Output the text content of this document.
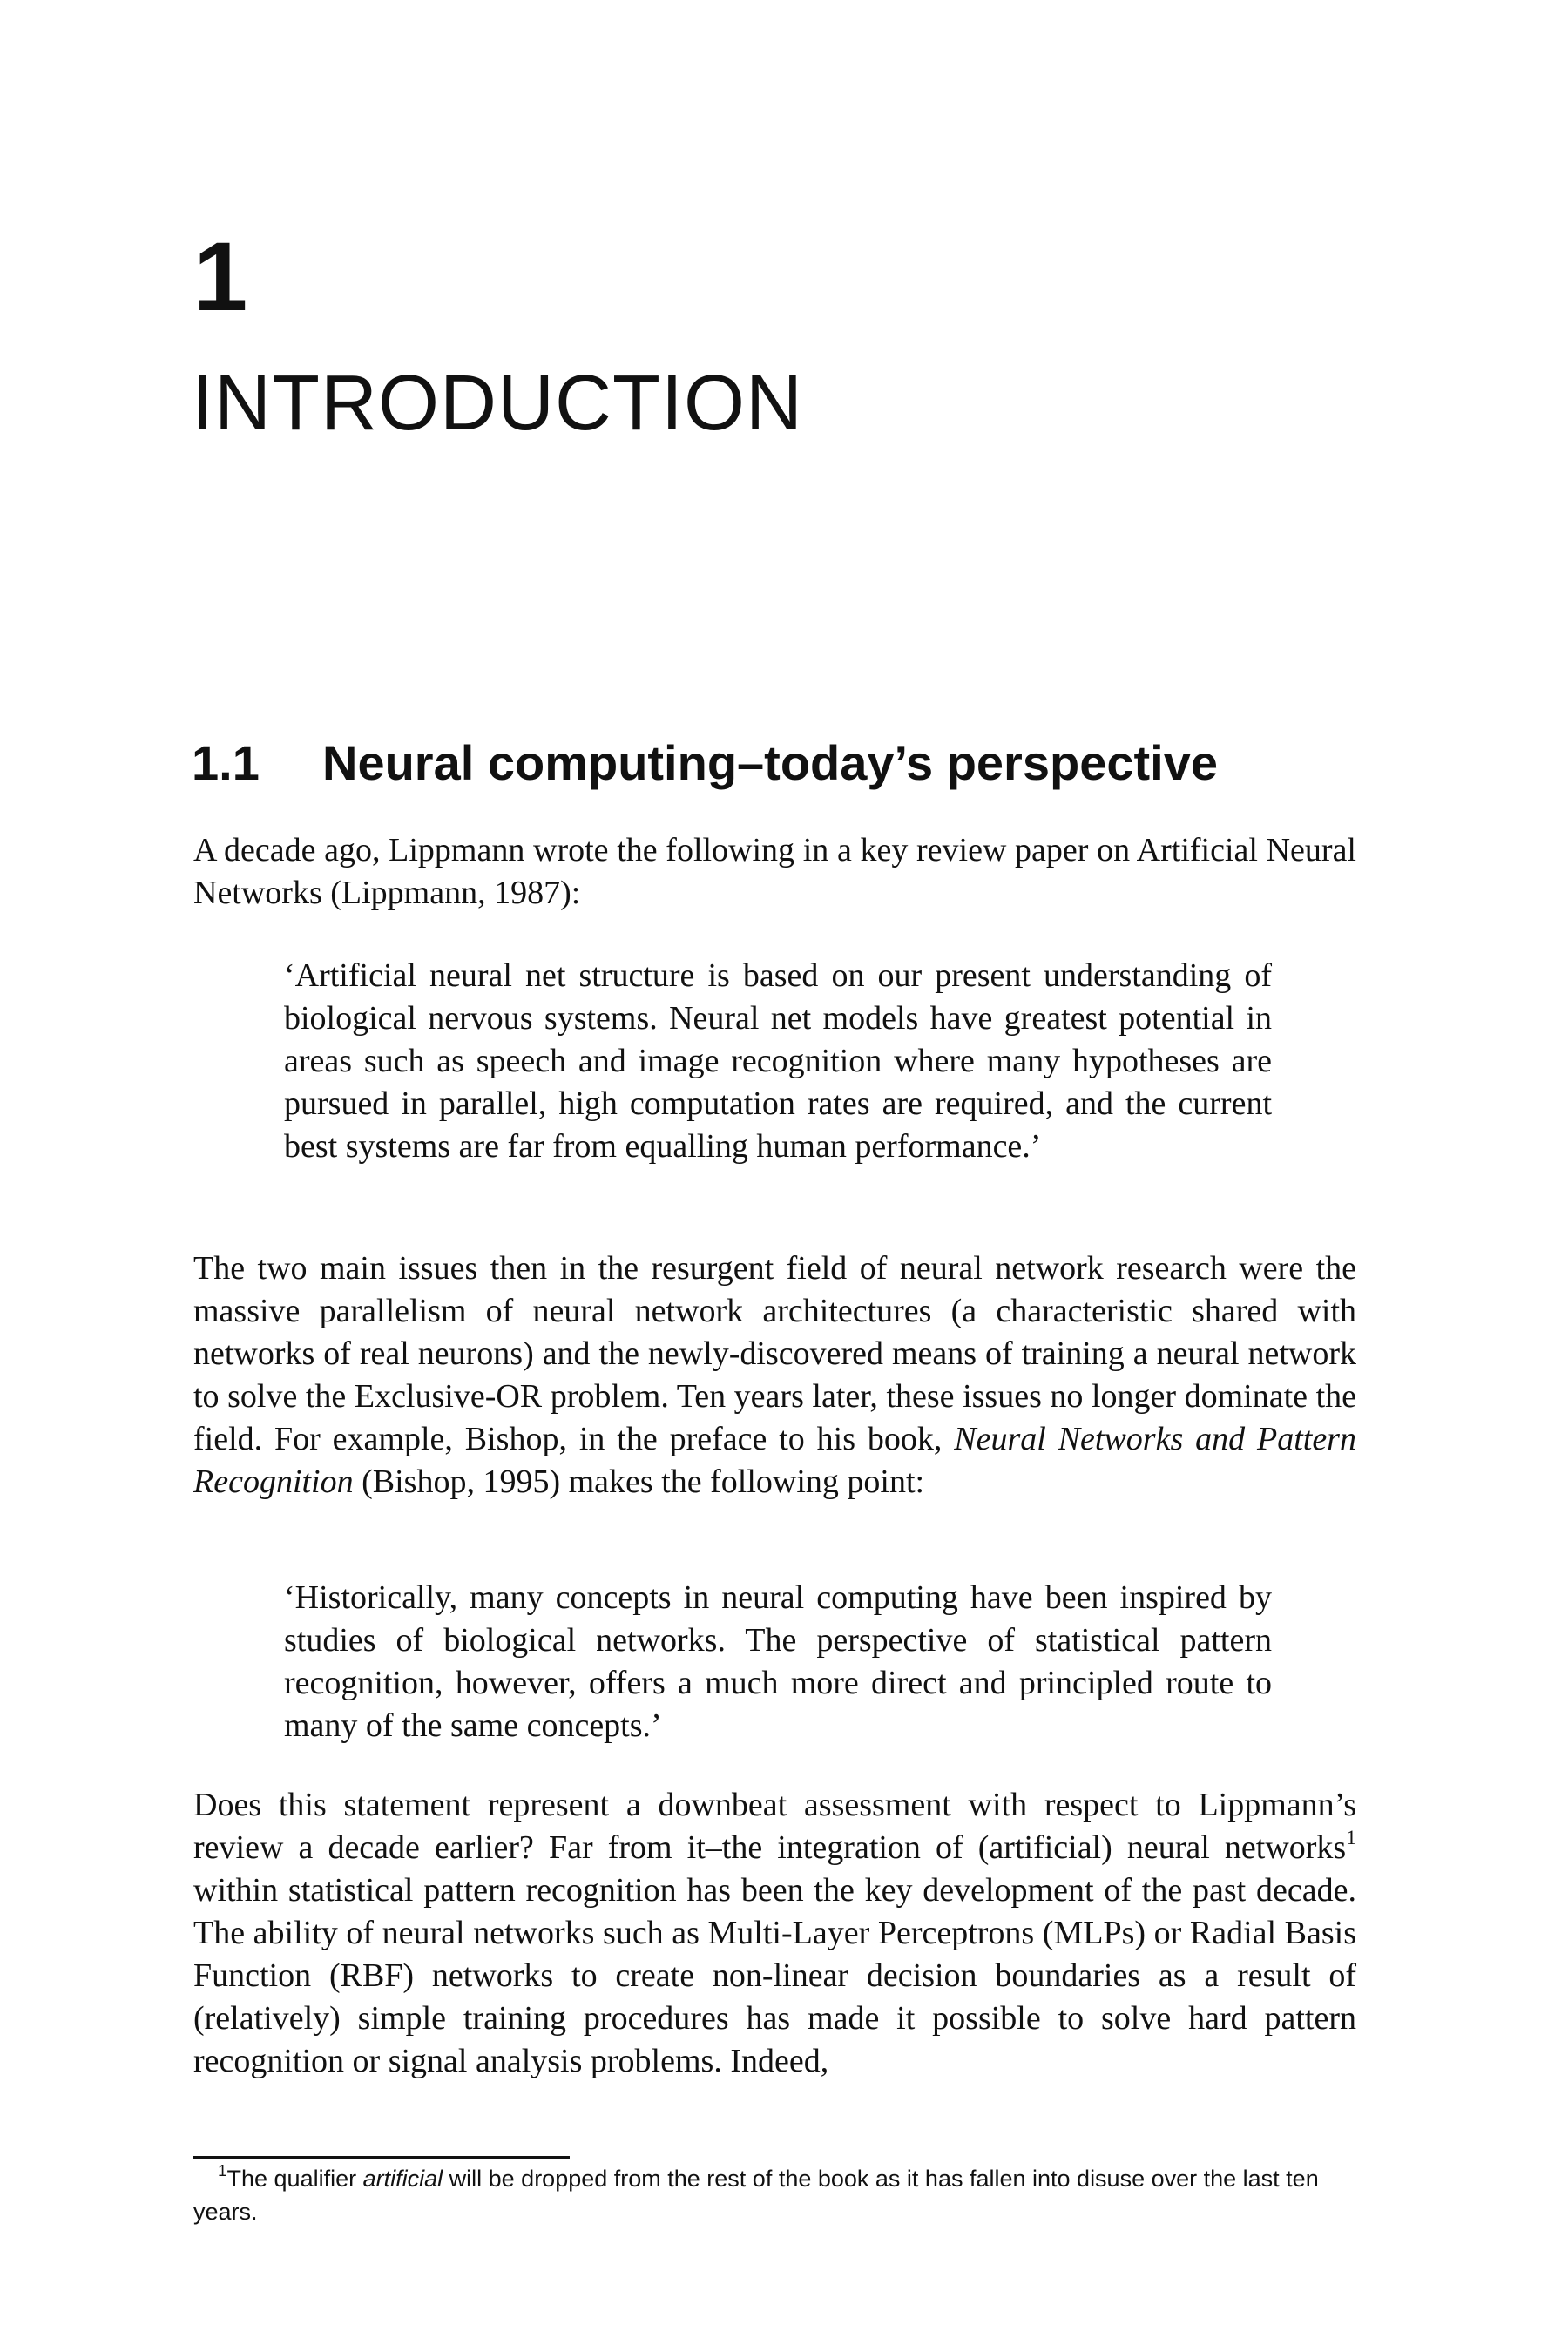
1
INTRODUCTION
1.1 Neural computing–today’s perspective

A decade ago, Lippmann wrote the following in a key review paper on Artificial Neural Networks (Lippmann, 1987):

‘Artificial neural net structure is based on our present understanding of biological nervous systems. Neural net models have greatest potential in areas such as speech and image recognition where many hypotheses are pursued in parallel, high computation rates are required, and the current best systems are far from equalling human performance.’

The two main issues then in the resurgent field of neural network research were the massive parallelism of neural network architectures (a characteristic shared with networks of real neurons) and the newly-discovered means of training a neural network to solve the Exclusive-OR problem. Ten years later, these issues no longer dominate the field. For example, Bishop, in the preface to his book, Neural Networks and Pattern Recognition (Bishop, 1995) makes the following point:

‘Historically, many concepts in neural computing have been inspired by studies of biological networks. The perspective of statistical pattern recognition, however, offers a much more direct and principled route to many of the same concepts.’

Does this statement represent a downbeat assessment with respect to Lippmann’s review a decade earlier? Far from it–the integration of (artificial) neural networks$^1$ within statistical pattern recognition has been the key development of the past decade. The ability of neural networks such as Multi-Layer Perceptrons (MLPs) or Radial Basis Function (RBF) networks to create non-linear decision boundaries as a result of (relatively) simple training procedures has made it possible to solve hard pattern recognition or signal analysis problems. Indeed,

$^1$The qualifier artificial will be dropped from the rest of the book as it has fallen into disuse over the last ten years.
